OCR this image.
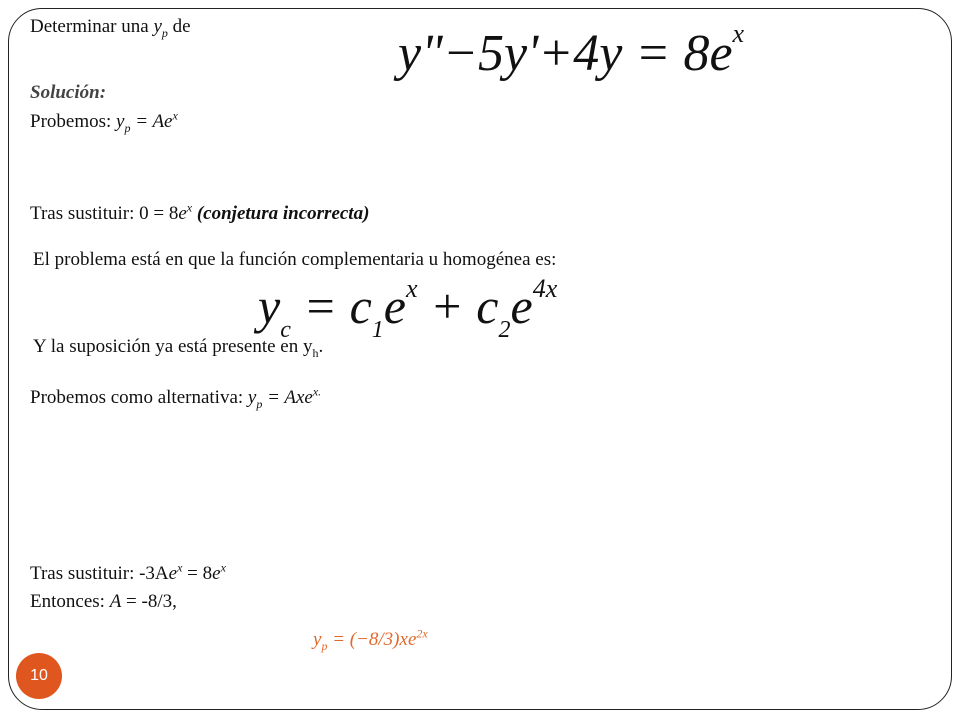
Determinar una $y_p$ de	y"−5y'+4y = $8e^x$
Solución:
Probemos: $y_p = Ae^x$
Tras sustituir: $0 = 8e^x$ (conjetura incorrecta)
El problema está en que la función complementaria u homogénea es:
$y_c = c_1e^x + c_2e^{4x}$
Y la suposición ya está presente en $y_h$.
Probemos como alternativa: $y_p = Axe^{x.}$
Tras sustituir: $-3Ae^x = 8e^x$
Entonces: A = -8/3,
$y_p = (-8/3)xe^{2x}$
10
